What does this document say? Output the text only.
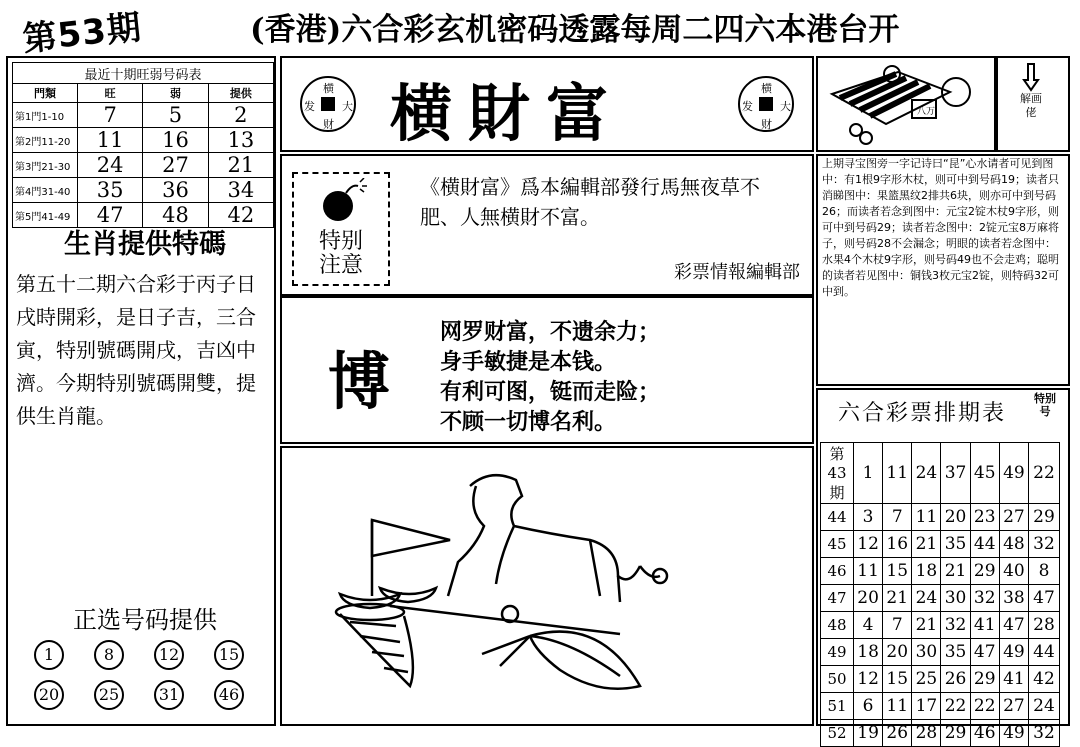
第53期	(香港)六合彩玄机密码透露每周二四六本港台开
最近十期旺弱号码表			
門類	旺	弱	提供
第1門1-10	7	5	2
第2門11-20	11	16	13
第3門21-30	24	27	21
第4門31-40	35	36	34
第5門41-49	47	48	42
生肖提供特碼
第五十二期六合彩于丙子日戌時開彩，是日子吉，三合寅，特别號碼開戌，吉凶中濟。今期特别號碼開雙，提供生肖龍。
正选号码提供
1	8	12	15
20	25	31	46
横
发 大
财 横財富	横
发 大
财
特别
注意
《横財富》爲本編輯部發行馬無夜草不肥、人無横財不富。
彩票情報編輯部
博
网罗财富，不遗余力；
身手敏捷是本钱。
有利可图，铤而走险；
不顾一切博名利。
八万
解画佬
上期寻宝图旁一字记诗曰“昆”心水请者可见到图中：有1根9字形木杖，则可中到号码19；读者只消睇图中：果篮黑纹2排共6块，则亦可中到号码26；而读者若念到图中：元宝2锭木杖9字形，则可中到号码29；读者若念图中：2锭元宝8万麻将子，则号码28不会漏念；明眼的读者若念图中：水果4个木杖9字形，则号码49也不会走鸡；聪明的读者若见图中：铜钱3枚元宝2锭，则特码32可中到。
六合彩票排期表
特别号
第43期	1	11	24	37	45	49	22
44	3	7	11	20	23	27	29
45	12	16	21	35	44	48	32
46	11	15	18	21	29	40	8
47	20	21	24	30	32	38	47
48	4	7	21	32	41	47	28
49	18	20	30	35	47	49	44
50	12	15	25	26	29	41	42
51	6	11	17	22	22	27	24
52	19	26	28	29	46	49	32
